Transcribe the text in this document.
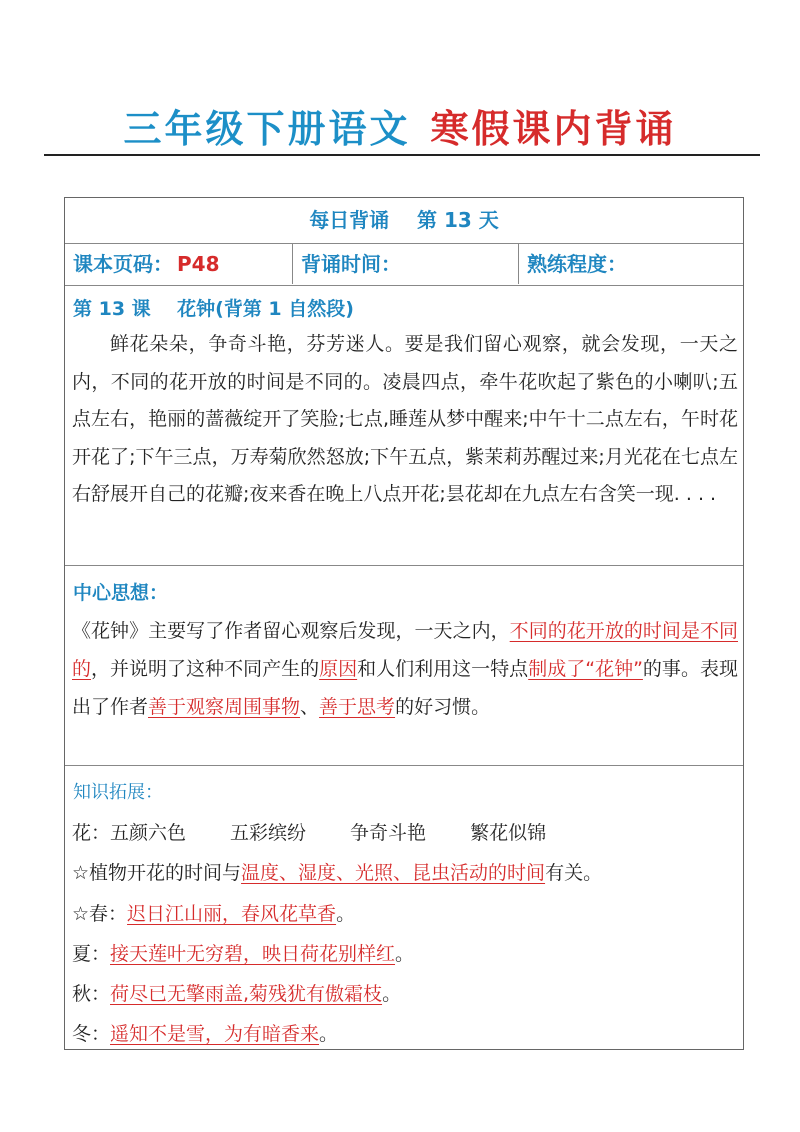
三年级下册语文 寒假课内背诵
每日背诵    第 13 天
课本页码： P48	背诵时间：	熟练程度：
第 13 课    花钟(背第 1 自然段)
鲜花朵朵，争奇斗艳，芬芳迷人。要是我们留心观察，就会发现，一天之内，不同的花开放的时间是不同的。凌晨四点，牵牛花吹起了紫色的小喇叭;五点左右，艳丽的蔷薇绽开了笑脸;七点,睡莲从梦中醒来;中午十二点左右，午时花开花了;下午三点，万寿菊欣然怒放;下午五点，紫茉莉苏醒过来;月光花在七点左右舒展开自己的花瓣;夜来香在晚上八点开花;昙花却在九点左右含笑一现. . . .
中心思想：
《花钟》主要写了作者留心观察后发现，一天之内，不同的花开放的时间是不同的，并说明了这种不同产生的原因和人们利用这一特点制成了“花钟”的事。表现出了作者善于观察周围事物、善于思考的好习惯。
知识拓展：
花：五颜六色 五彩缤纷 争奇斗艳 繁花似锦
☆植物开花的时间与温度、湿度、光照、昆虫活动的时间有关。
☆春：迟日江山丽，春风花草香。
夏：接天莲叶无穷碧，映日荷花别样红。
秋：荷尽已无擎雨盖,菊残犹有傲霜枝。
冬：遥知不是雪，为有暗香来。
